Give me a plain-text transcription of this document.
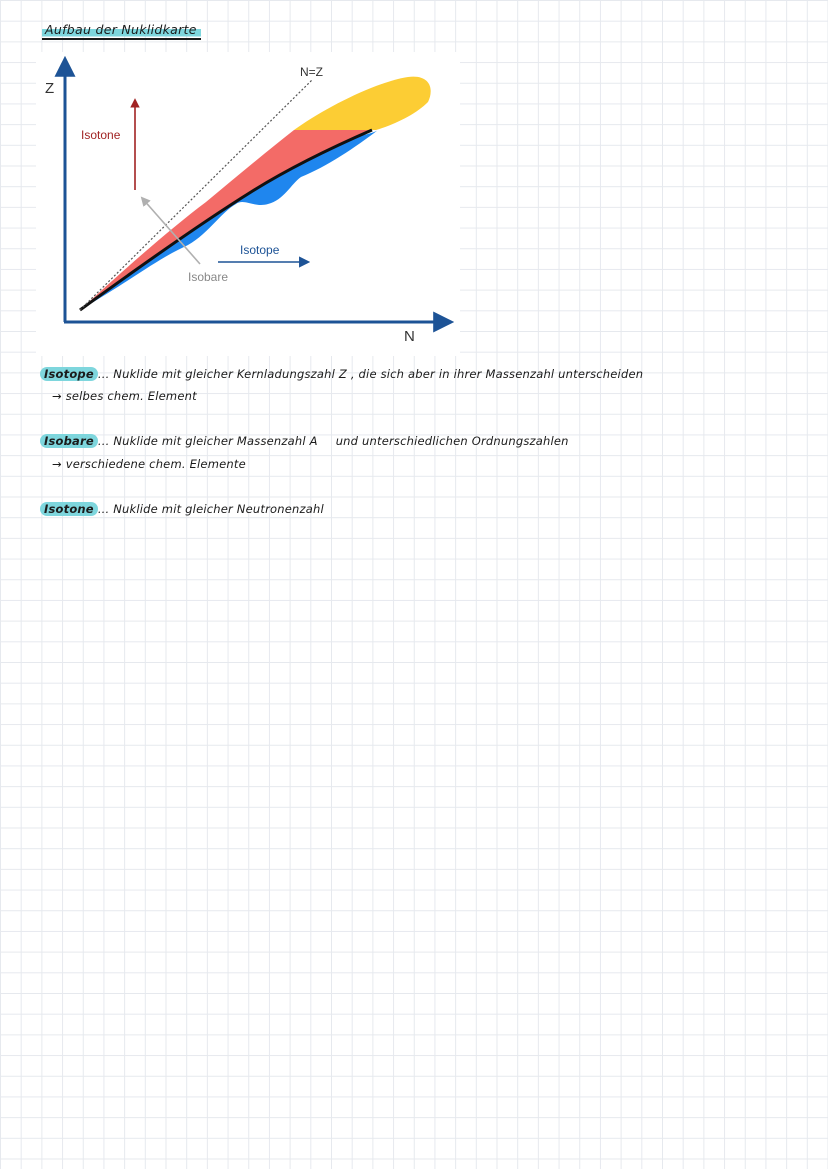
Aufbau der Nuklidkarte
Z
N
N=Z
Isotone
Isotope
Isobare
Isotope ... Nuklide mit gleicher Kernladungszahl Z , die sich aber in ihrer Massenzahl unterscheiden
→ selbes chem. Element
Isobare ... Nuklide mit gleicher Massenzahl A und unterschiedlichen Ordnungszahlen
→ verschiedene chem. Elemente
Isotone ... Nuklide mit gleicher Neutronenzahl
